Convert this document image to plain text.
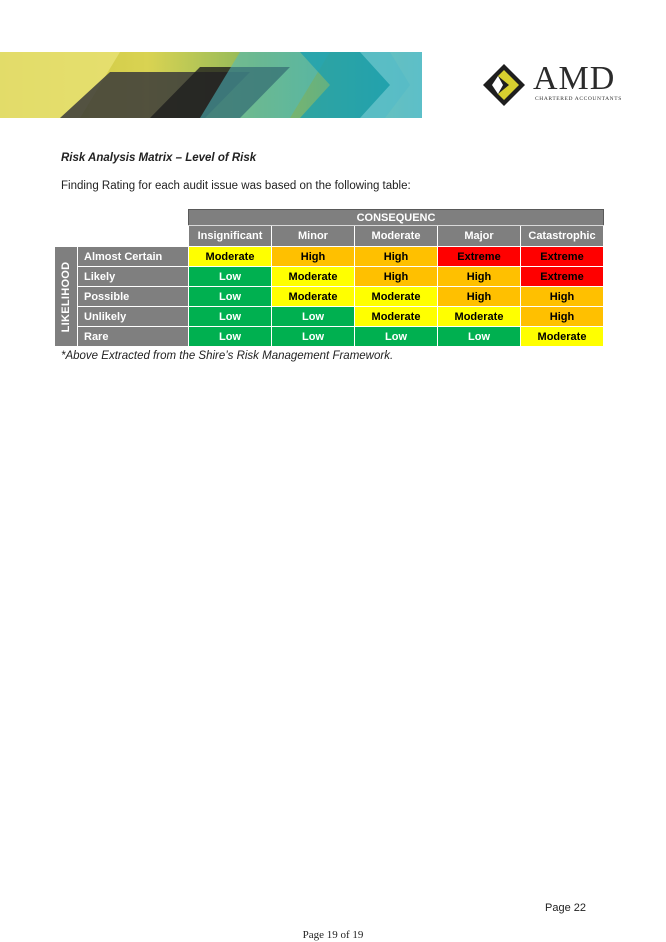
AMD
CHARTERED ACCOUNTANTS
Risk Analysis Matrix – Level of Risk
Finding Rating for each audit issue was based on the following table:
		CONSEQUENC				
		Insignificant	Minor	Moderate	Major	Catastrophic

LIKELIHOOD	Almost Certain	Moderate	High	High	Extreme	Extreme
	Likely	Low	Moderate	High	High	Extreme
	Possible	Low	Moderate	Moderate	High	High
	Unlikely	Low	Low	Moderate	Moderate	High
	Rare	Low	Low	Low	Low	Moderate
*Above Extracted from the Shire’s Risk Management Framework.
Page 22
Page 19 of 19
